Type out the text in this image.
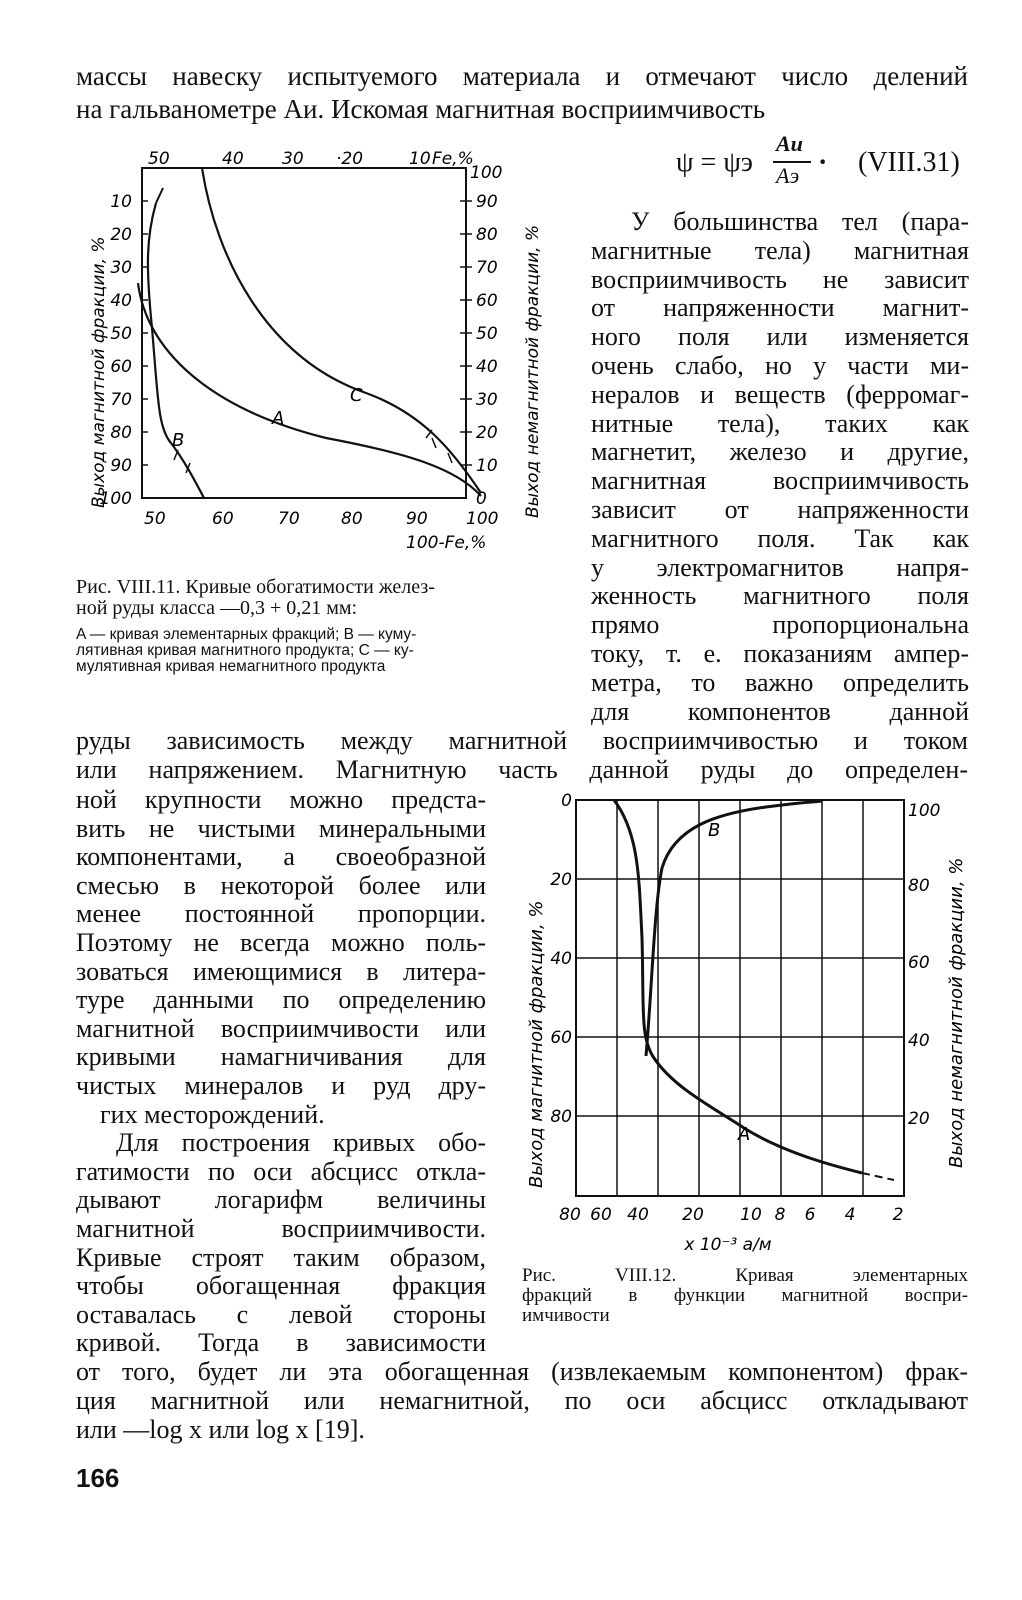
массы навеску испытуемого материала и отмечают число делений
на гальванометре Aи. Искомая магнитная восприимчивость
A
B
C
50	40 30 ·20	10 Fe,%
50	60	70 80	90 100
100-Fe,%
10
20
30
40
50
60
70
80
90
100
100
90
80
70
60
50
40
30
20
10
0
Выход магнитной фракции, %	Выход немагнитной фракции, %
ψ = ψэ
Aи
Aэ · (VIII.31)
У большинства тел (пара-
магнитные тела) магнитная
восприимчивость не зависит
от напряженности магнит-
ного поля или изменяется
очень слабо, но у части ми-
нералов и веществ (ферромаг-
нитные тела), таких как
магнетит, железо и другие,
магнитная восприимчивость
зависит от напряженности
магнитного поля. Так как
у электромагнитов напря-
женность магнитного поля
прямо пропорциональна
току, т. е. показаниям ампер-
метра, то важно определить
для компонентов данной
Рис. VIII.11. Кривые обогатимости желез-
ной руды класса —0,3 + 0,21 мм:
A — кривая элементарных фракций; B — куму-
лятивная кривая магнитного продукта; C — ку-
мулятивная кривая немагнитного продукта
руды зависимость между магнитной восприимчивостью и током
или напряжением. Магнитную часть данной руды до определен-
ной крупности можно предста-
вить не чистыми минеральными
компонентами, а своеобразной
смесью в некоторой более или
менее постоянной пропорции.
Поэтому не всегда можно поль-
зоваться имеющимися в литера-
туре данными по определению
магнитной восприимчивости или
кривыми намагничивания для
чистых минералов и руд дру-
гих месторождений.
Для построения кривых обо-
гатимости по оси абсцисс откла-
дывают логарифм величины
магнитной восприимчивости.
Кривые строят таким образом,
чтобы обогащенная фракция
оставалась с левой стороны
кривой. Тогда в зависимости
A
B
80 60 40 20 10 8 6 4 2
x 10⁻³ а/м
0
20
40
60
80
100
80
60
40
20
Выход магнитной фракции, %	Выход немагнитной фракции, %
Рис. VIII.12. Кривая элементарных
фракций в функции магнитной воспри-
имчивости
от того, будет ли эта обогащенная (извлекаемым компонентом) фрак-
ция магнитной или немагнитной, по оси абсцисс откладывают
или —log x или log x [19].
166
